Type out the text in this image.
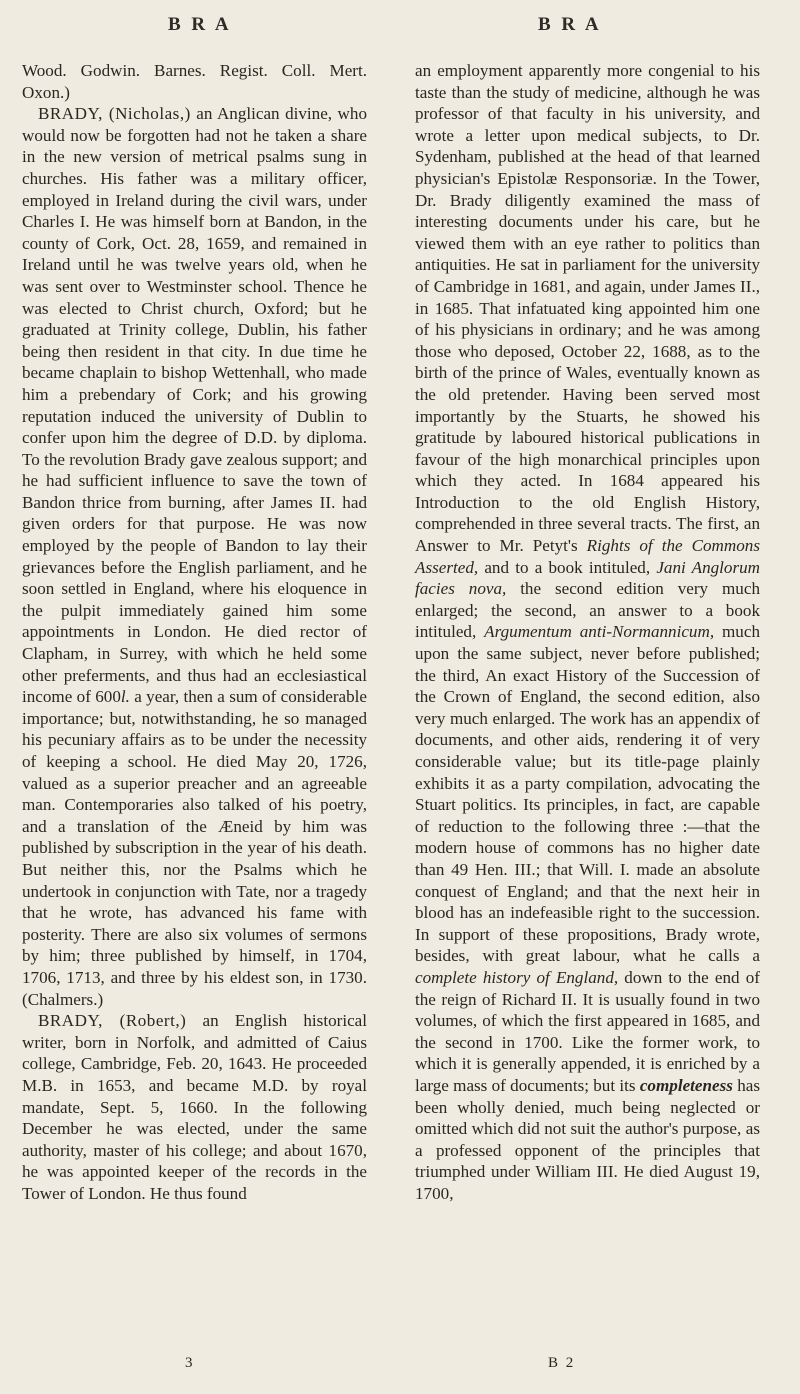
B R A	B R A

Wood. Godwin. Barnes. Regist. Coll. Mert. Oxon.)

BRADY, (Nicholas,) an Anglican divine, who would now be forgotten had not he taken a share in the new version of metrical psalms sung in churches. His father was a military officer, employed in Ireland during the civil wars, under Charles I. He was himself born at Bandon, in the county of Cork, Oct. 28, 1659, and remained in Ireland until he was twelve years old, when he was sent over to Westminster school. Thence he was elected to Christ church, Oxford; but he graduated at Trinity college, Dublin, his father being then resident in that city. In due time he became chaplain to bishop Wettenhall, who made him a prebendary of Cork; and his growing reputation induced the university of Dublin to confer upon him the degree of D.D. by diploma. To the revolution Brady gave zealous support; and he had sufficient influence to save the town of Bandon thrice from burning, after James II. had given orders for that purpose. He was now employed by the people of Bandon to lay their grievances before the English parliament, and he soon settled in England, where his eloquence in the pulpit immediately gained him some appointments in London. He died rector of Clapham, in Surrey, with which he held some other preferments, and thus had an ecclesiastical income of 600l. a year, then a sum of considerable importance; but, notwithstanding, he so managed his pecuniary affairs as to be under the necessity of keeping a school. He died May 20, 1726, valued as a superior preacher and an agreeable man. Contemporaries also talked of his poetry, and a translation of the Æneid by him was published by subscription in the year of his death. But neither this, nor the Psalms which he undertook in conjunction with Tate, nor a tragedy that he wrote, has advanced his fame with posterity. There are also six volumes of sermons by him; three published by himself, in 1704, 1706, 1713, and three by his eldest son, in 1730. (Chalmers.)

BRADY, (Robert,) an English historical writer, born in Norfolk, and admitted of Caius college, Cambridge, Feb. 20, 1643. He proceeded M.B. in 1653, and became M.D. by royal mandate, Sept. 5, 1660. In the following December he was elected, under the same authority, master of his college; and about 1670, he was appointed keeper of the records in the Tower of London. He thus found

an employment apparently more congenial to his taste than the study of medicine, although he was professor of that faculty in his university, and wrote a letter upon medical subjects, to Dr. Sydenham, published at the head of that learned physician's Epistolæ Responsoriæ. In the Tower, Dr. Brady diligently examined the mass of interesting documents under his care, but he viewed them with an eye rather to politics than antiquities. He sat in parliament for the university of Cambridge in 1681, and again, under James II., in 1685. That infatuated king appointed him one of his physicians in ordinary; and he was among those who deposed, October 22, 1688, as to the birth of the prince of Wales, eventually known as the old pretender. Having been served most importantly by the Stuarts, he showed his gratitude by laboured historical publications in favour of the high monarchical principles upon which they acted. In 1684 appeared his Introduction to the old English History, comprehended in three several tracts. The first, an Answer to Mr. Petyt's Rights of the Commons Asserted, and to a book intituled, Jani Anglorum facies nova, the second edition very much enlarged; the second, an answer to a book intituled, Argumentum anti-Normannicum, much upon the same subject, never before published; the third, An exact History of the Succession of the Crown of England, the second edition, also very much enlarged. The work has an appendix of documents, and other aids, rendering it of very considerable value; but its title-page plainly exhibits it as a party compilation, advocating the Stuart politics. Its principles, in fact, are capable of reduction to the following three :—that the modern house of commons has no higher date than 49 Hen. III.; that Will. I. made an absolute conquest of England; and that the next heir in blood has an indefeasible right to the succession. In support of these propositions, Brady wrote, besides, with great labour, what he calls a complete history of England, down to the end of the reign of Richard II. It is usually found in two volumes, of which the first appeared in 1685, and the second in 1700. Like the former work, to which it is generally appended, it is enriched by a large mass of documents; but its completeness has been wholly denied, much being neglected or omitted which did not suit the author's purpose, as a professed opponent of the principles that triumphed under William III. He died August 19, 1700,

3	B 2
